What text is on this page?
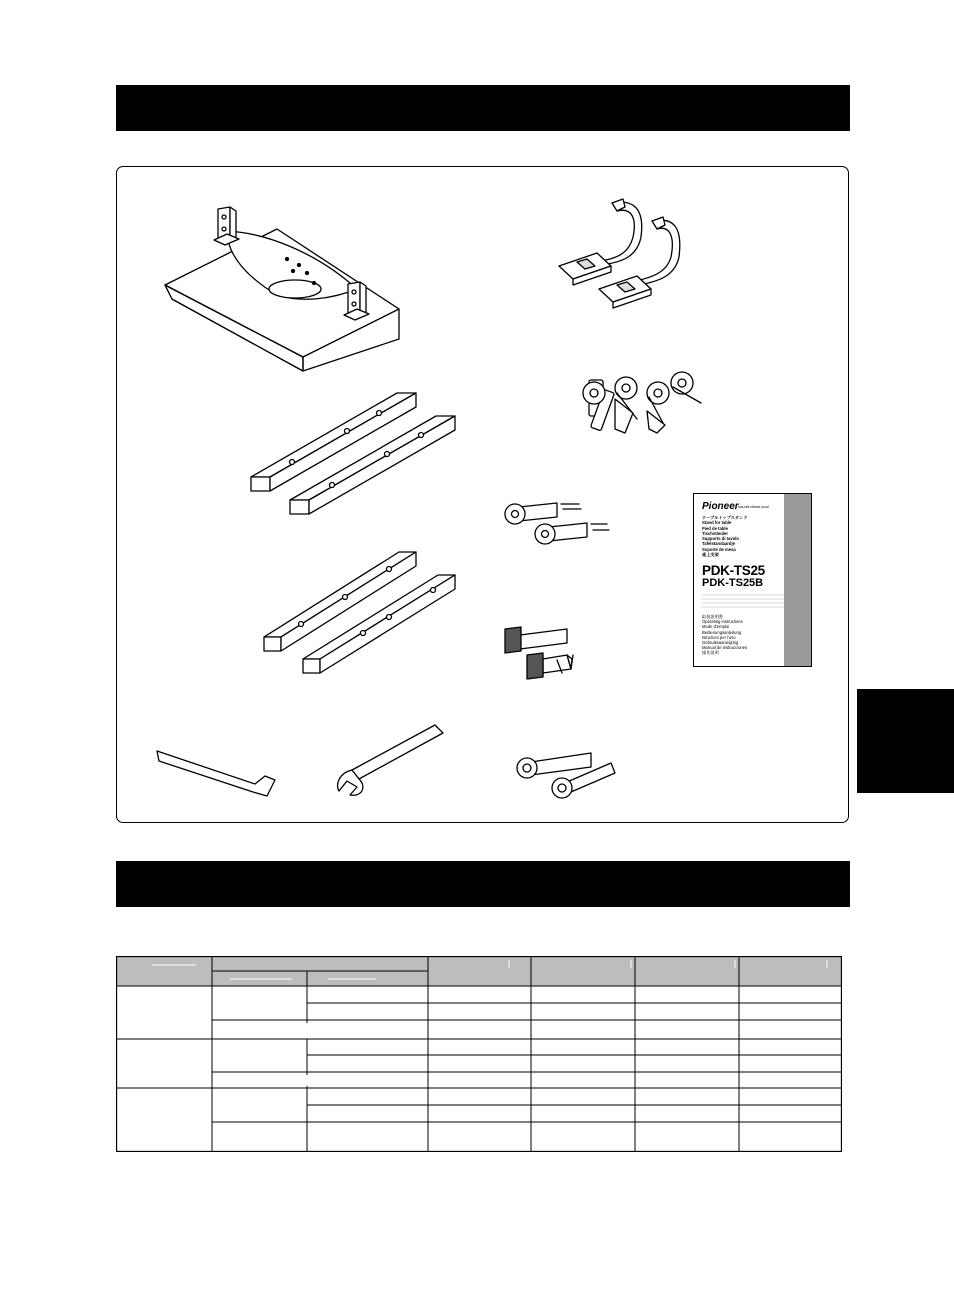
Pioneer sound.vision.soul
テーブルトップスタンド
Stand for table
Pied de table
Tischständer
Supporto di tavolo
Tafelstandaardje
Soporte de mesa
桌上支架
PDK-TS25
PDK-TS25B
取扱説明書
Operating instructions
Mode d'emploi
Bedienungsanleitung
Istruzioni per l'uso
Gebruiksaanwijzing
Manual de instrucciones
操作説明
